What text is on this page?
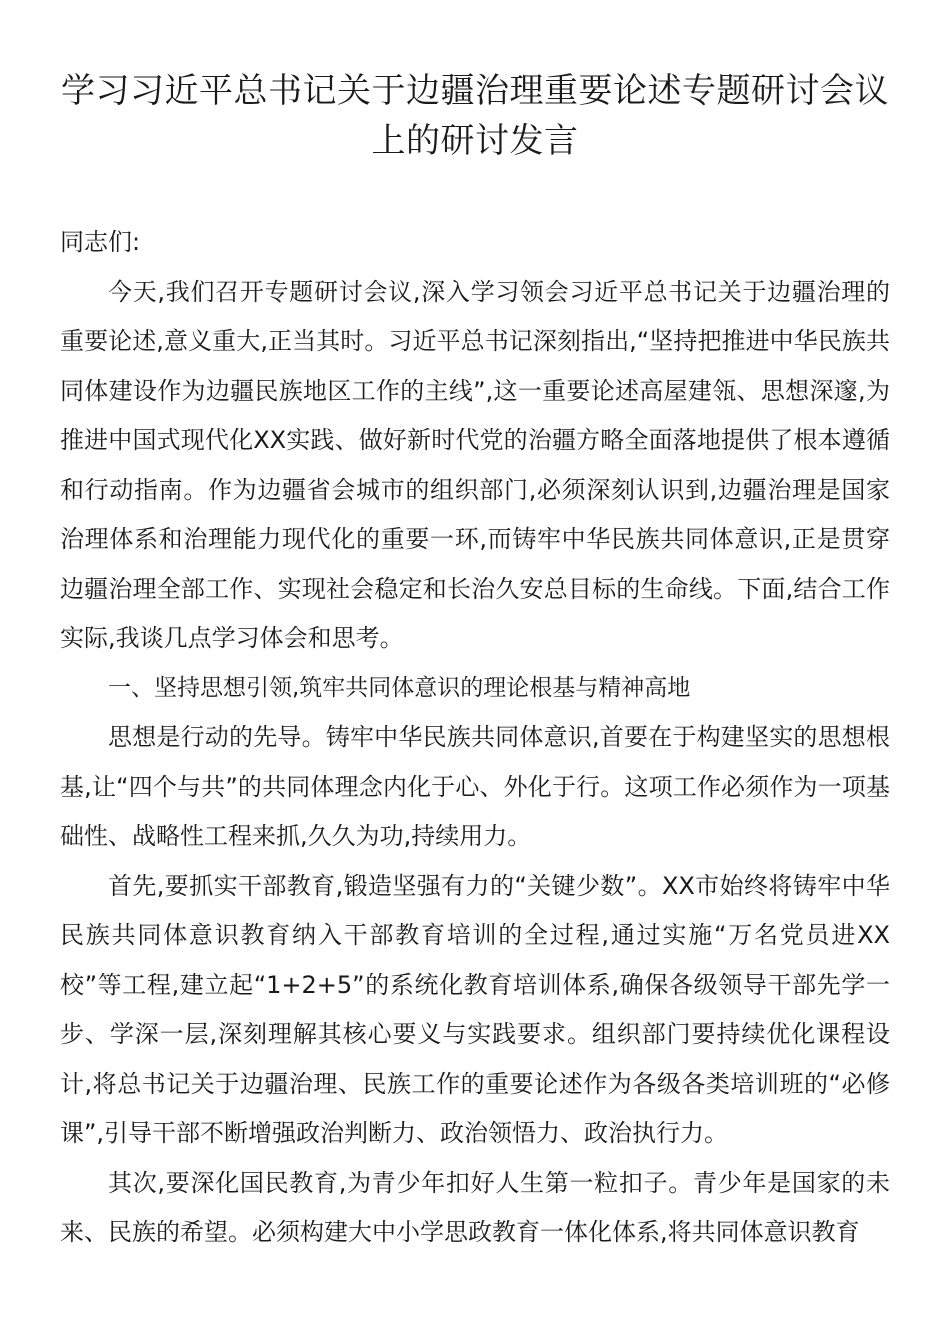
学习习近平总书记关于边疆治理重要论述专题研讨会议上的研讨发言

同志们:

今天,我们召开专题研讨会议,深入学习领会习近平总书记关于边疆治理的重要论述,意义重大,正当其时。习近平总书记深刻指出,“坚持把推进中华民族共同体建设作为边疆民族地区工作的主线”,这一重要论述高屋建瓴、思想深邃,为推进中国式现代化XX实践、做好新时代党的治疆方略全面落地提供了根本遵循和行动指南。作为边疆省会城市的组织部门,必须深刻认识到,边疆治理是国家治理体系和治理能力现代化的重要一环,而铸牢中华民族共同体意识,正是贯穿边疆治理全部工作、实现社会稳定和长治久安总目标的生命线。下面,结合工作实际,我谈几点学习体会和思考。

一、坚持思想引领,筑牢共同体意识的理论根基与精神高地

思想是行动的先导。铸牢中华民族共同体意识,首要在于构建坚实的思想根基,让“四个与共”的共同体理念内化于心、外化于行。这项工作必须作为一项基础性、战略性工程来抓,久久为功,持续用力。

首先,要抓实干部教育,锻造坚强有力的“关键少数”。XX市始终将铸牢中华民族共同体意识教育纳入干部教育培训的全过程,通过实施“万名党员进XX校”等工程,建立起“1+2+5”的系统化教育培训体系,确保各级领导干部先学一步、学深一层,深刻理解其核心要义与实践要求。组织部门要持续优化课程设计,将总书记关于边疆治理、民族工作的重要论述作为各级各类培训班的“必修课”,引导干部不断增强政治判断力、政治领悟力、政治执行力。

其次,要深化国民教育,为青少年扣好人生第一粒扣子。青少年是国家的未来、民族的希望。必须构建大中小学思政教育一体化体系,将共同体意识教育
